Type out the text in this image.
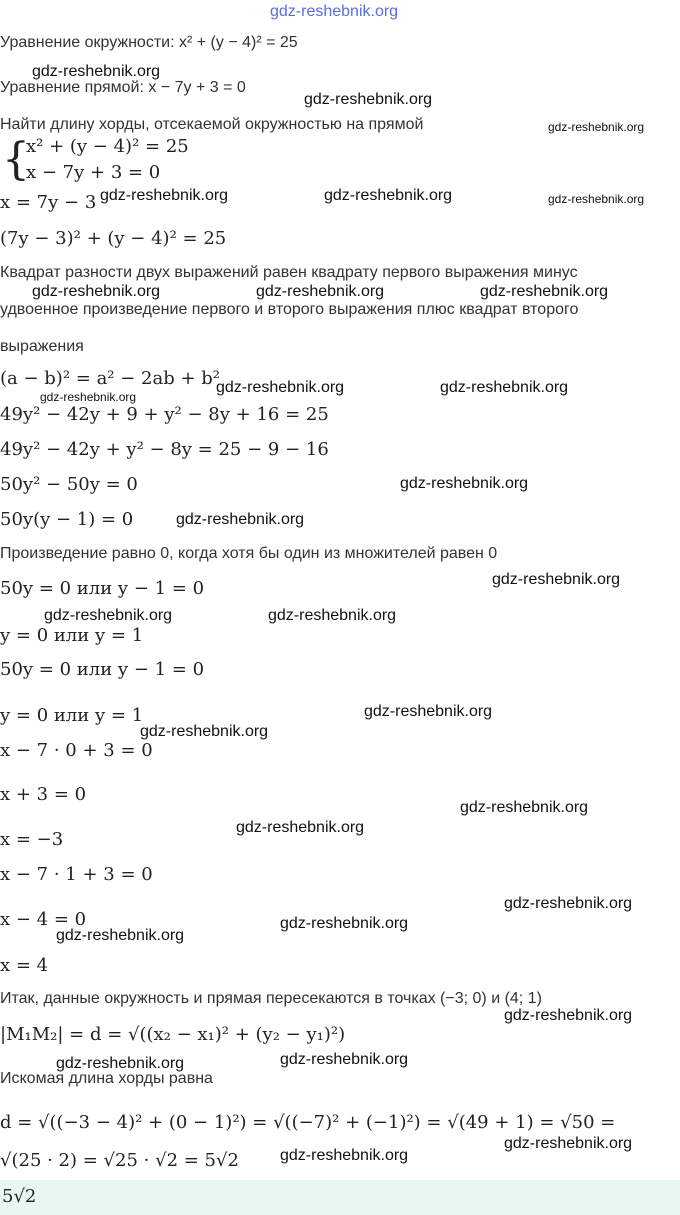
gdz-reshebnik.org
Уравнение окружности: x² + (y − 4)² = 25
Уравнение прямой: x − 7y + 3 = 0
Найти длину хорды, отсекаемой окружностью на прямой
{
x² + (y − 4)² = 25
x − 7y + 3 = 0
x = 7y − 3
(7y − 3)² + (y − 4)² = 25
Квадрат разности двух выражений равен квадрату первого выражения минус
удвоенное произведение первого и второго выражения плюс квадрат второго
выражения
(a − b)² = a² − 2ab + b²
49y² − 42y + 9 + y² − 8y + 16 = 25
49y² − 42y + y² − 8y = 25 − 9 − 16
50y² − 50y = 0
50y(y − 1) = 0
Произведение равно 0, когда хотя бы один из множителей равен 0
50y = 0 или y − 1 = 0
y = 0 или y = 1
50y = 0 или y − 1 = 0
y = 0 или y = 1
x − 7 · 0 + 3 = 0
x + 3 = 0
x = −3
x − 7 · 1 + 3 = 0
x − 4 = 0
x = 4
Итак, данные окружность и прямая пересекаются в точках (−3; 0) и (4; 1)
|M₁M₂| = d = √((x₂ − x₁)² + (y₂ − y₁)²)
Искомая длина хорды равна
d = √((−3 − 4)² + (0 − 1)²) = √((−7)² + (−1)²) = √(49 + 1) = √50 =
√(25 · 2) = √25 · √2 = 5√2
5√2
gdz-reshebnik.org
gdz-reshebnik.org
gdz-reshebnik.org
gdz-reshebnik.org	gdz-reshebnik.org	gdz-reshebnik.org
gdz-reshebnik.org	gdz-reshebnik.org	gdz-reshebnik.org
gdz-reshebnik.org
gdz-reshebnik.org	gdz-reshebnik.org
gdz-reshebnik.org
gdz-reshebnik.org
gdz-reshebnik.org
gdz-reshebnik.org	gdz-reshebnik.org
gdz-reshebnik.org
gdz-reshebnik.org
gdz-reshebnik.org
gdz-reshebnik.org
gdz-reshebnik.org
gdz-reshebnik.org
gdz-reshebnik.org
gdz-reshebnik.org
gdz-reshebnik.org	gdz-reshebnik.org
gdz-reshebnik.org
gdz-reshebnik.org
